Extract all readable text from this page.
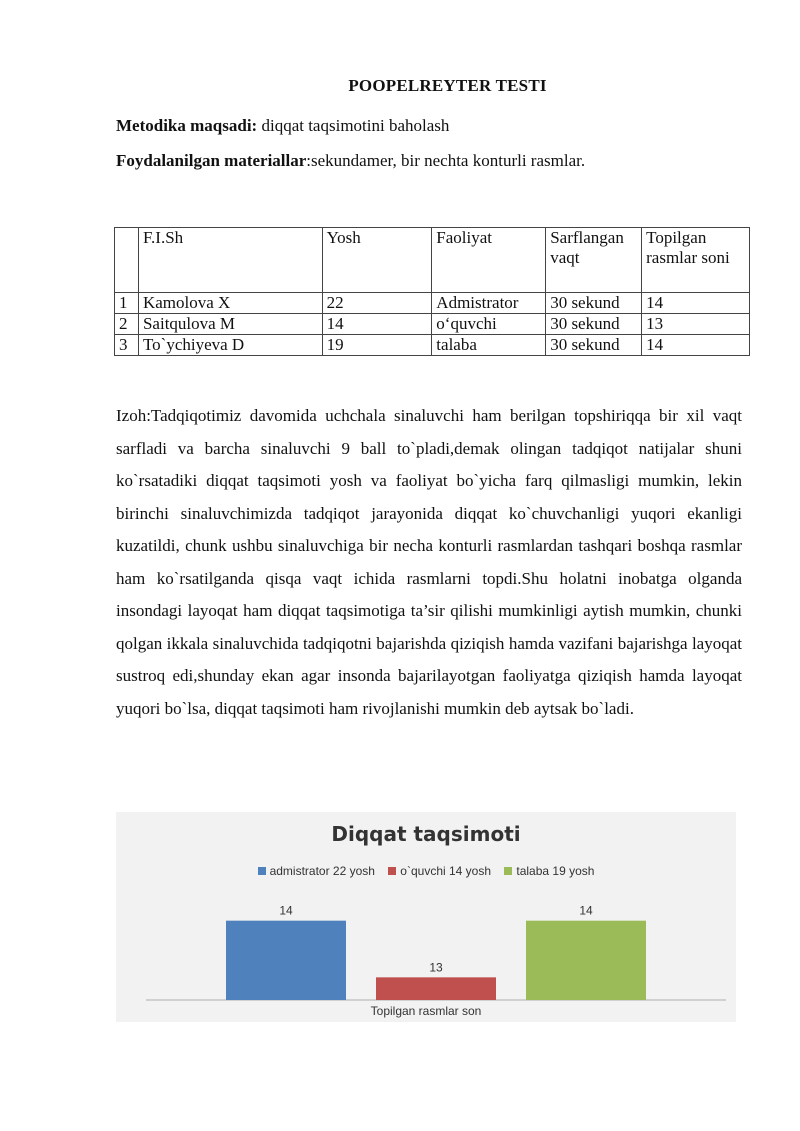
POOPELREYTER TESTI
Metodika maqsadi: diqqat taqsimotini baholash
Foydalanilgan materiallar:sekundamer, bir nechta konturli rasmlar.
	F.I.Sh	Yosh	Faoliyat	Sarflangan vaqt	Topilgan rasmlar soni
1	Kamolova X	22	Admistrator	30 sekund	14
2	Saitqulova M	14	o‘quvchi	30 sekund	13
3	To`ychiyeva D	19	talaba	30 sekund	14
Izoh:Tadqiqotimiz davomida uchchala sinaluvchi ham berilgan topshiriqqa bir xil vaqt sarfladi va barcha sinaluvchi 9 ball to`pladi,demak olingan tadqiqot natijalar shuni ko`rsatadiki diqqat taqsimoti yosh va faoliyat bo`yicha farq qilmasligi mumkin, lekin birinchi sinaluvchimizda tadqiqot jarayonida diqqat ko`chuvchanligi yuqori ekanligi kuzatildi, chunk ushbu sinaluvchiga bir necha konturli rasmlardan tashqari boshqa rasmlar ham ko`rsatilganda qisqa vaqt ichida rasmlarni topdi.Shu holatni inobatga olganda insondagi layoqat ham diqqat taqsimotiga ta’sir qilishi mumkinligi aytish mumkin, chunki qolgan ikkala sinaluvchida tadqiqotni bajarishda qiziqish hamda vazifani bajarishga layoqat sustroq edi,shunday ekan agar insonda bajarilayotgan faoliyatga qiziqish hamda layoqat yuqori bo`lsa, diqqat taqsimoti ham rivojlanishi mumkin deb aytsak bo`ladi.
Diqqat taqsimoti
admistrator 22 yosh o`quvchi 14 yosh talaba 19 yosh
14
13
14
Topilgan rasmlar son
